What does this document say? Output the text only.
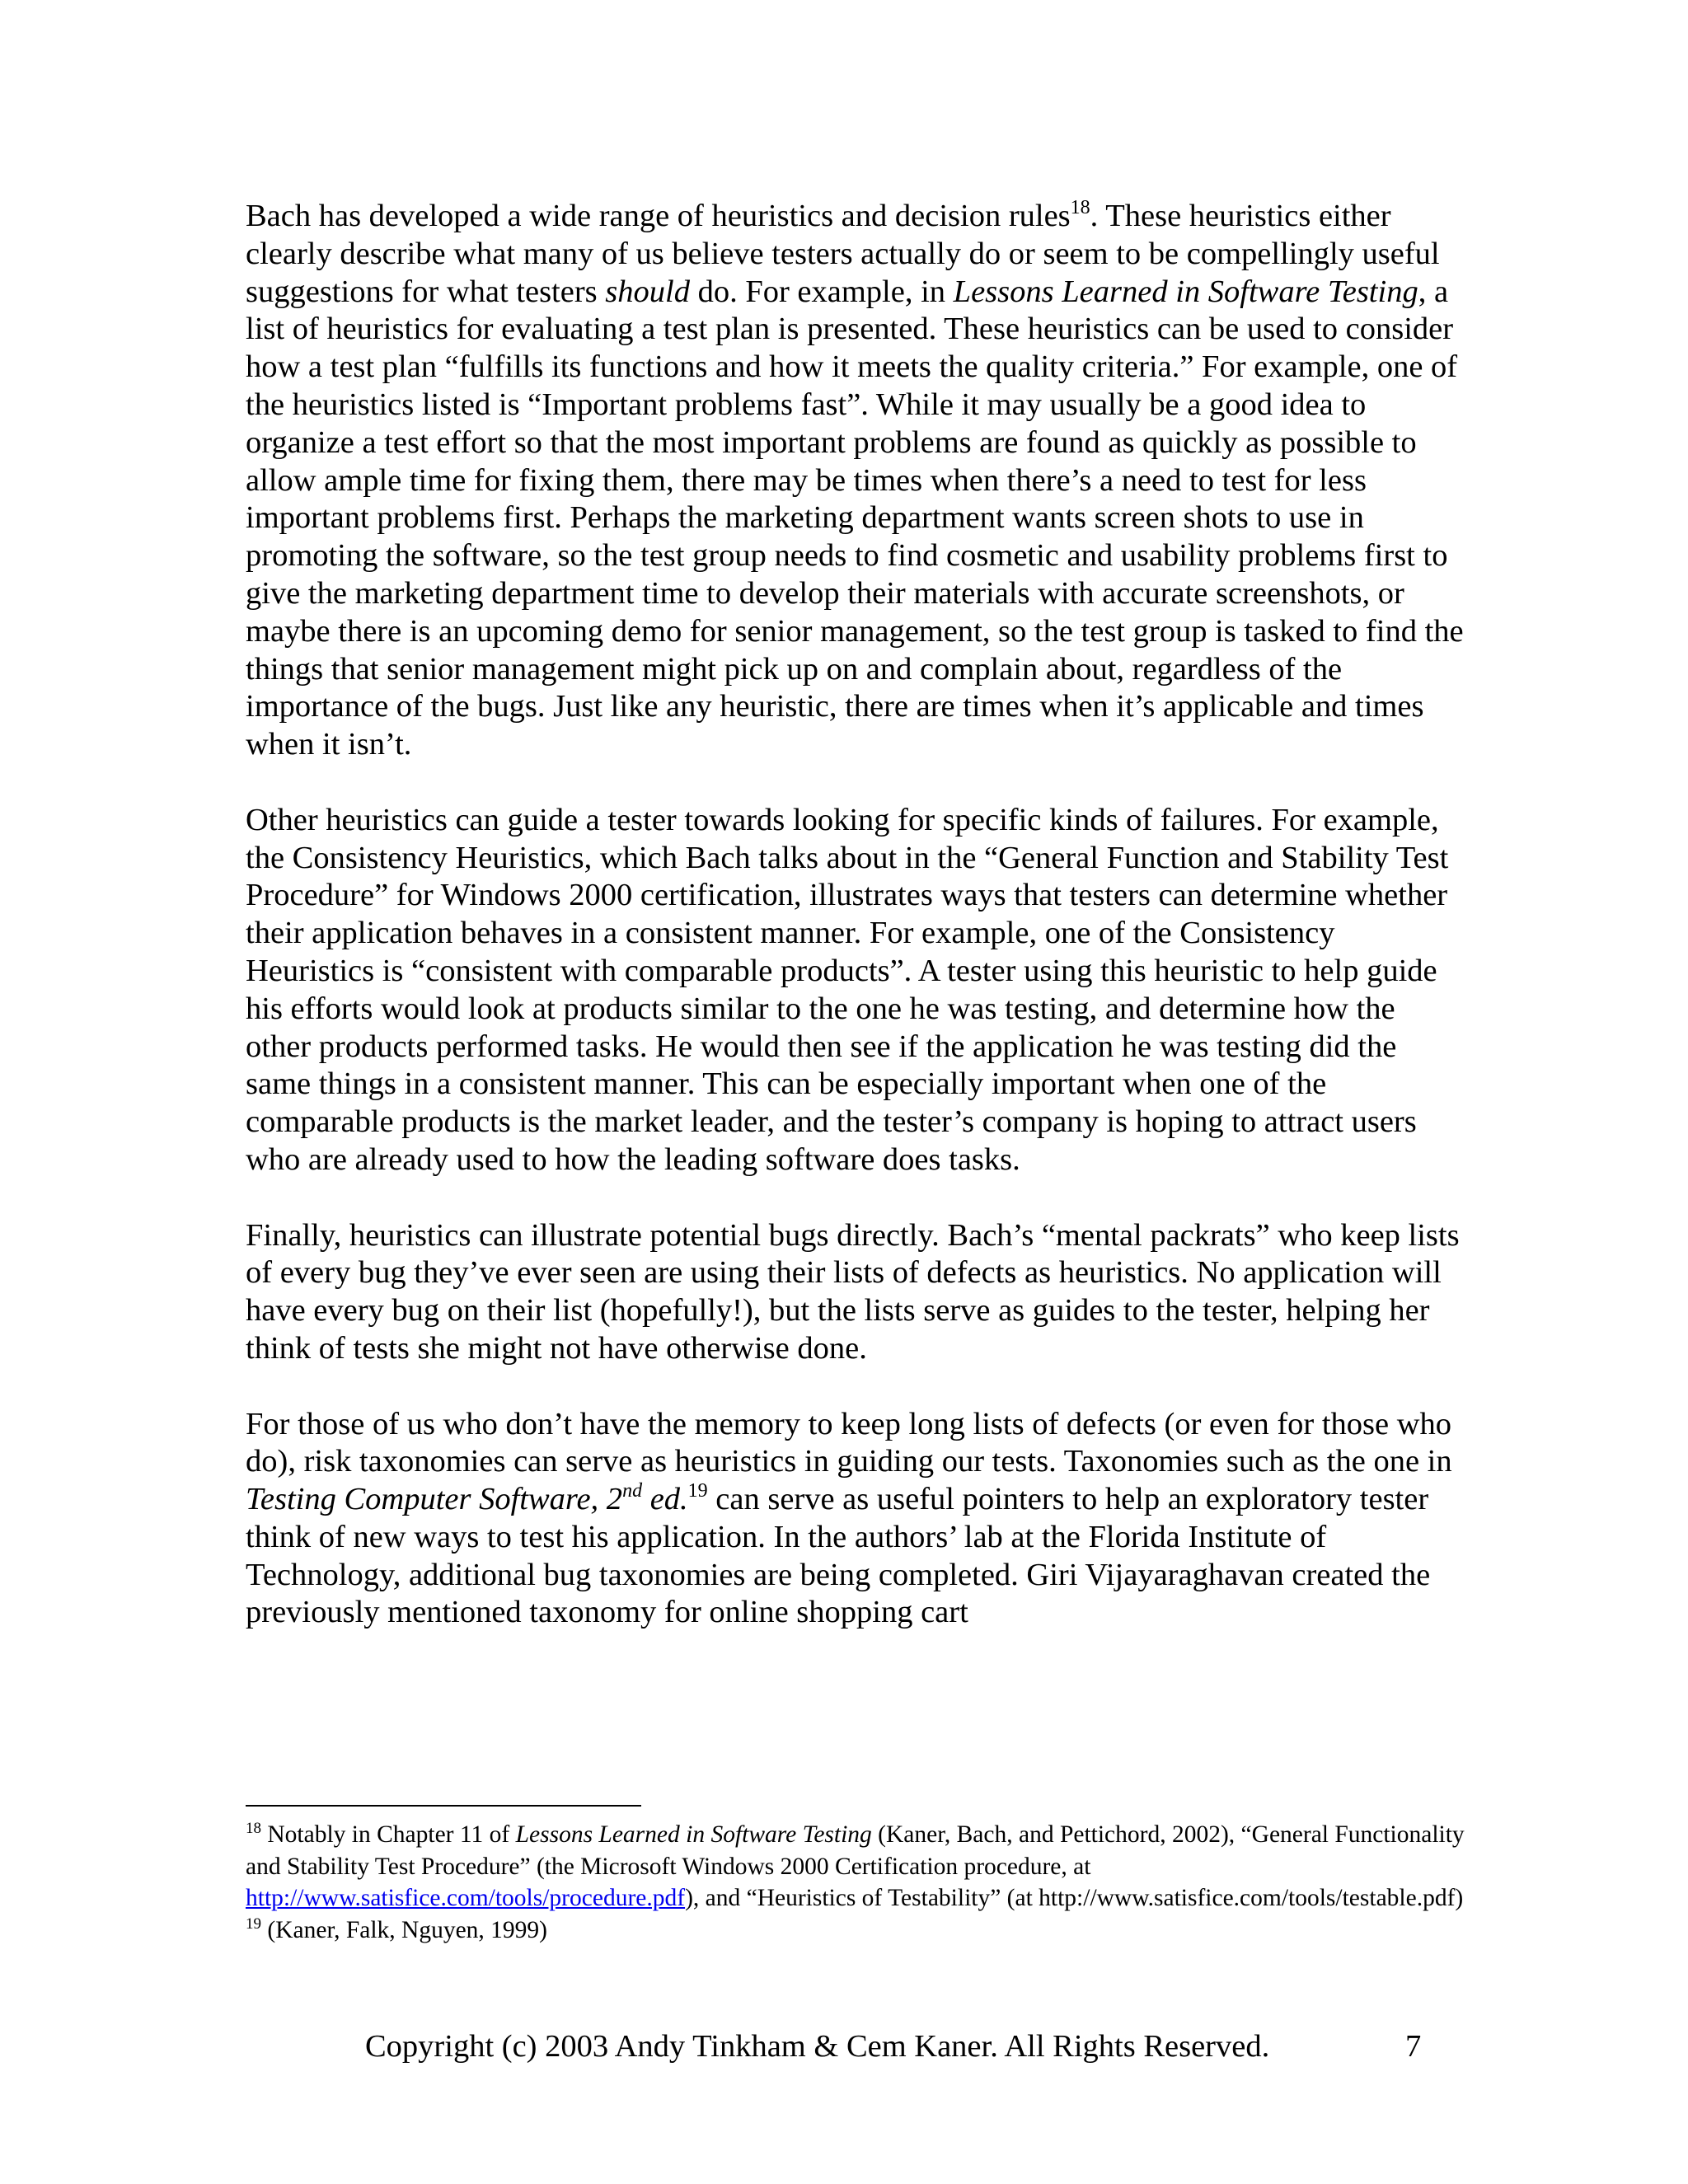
Bach has developed a wide range of heuristics and decision rules$^{18}$. These heuristics either clearly describe what many of us believe testers actually do or seem to be compellingly useful suggestions for what testers should do. For example, in Lessons Learned in Software Testing, a list of heuristics for evaluating a test plan is presented. These heuristics can be used to consider how a test plan “fulfills its functions and how it meets the quality criteria.” For example, one of the heuristics listed is “Important problems fast”. While it may usually be a good idea to organize a test effort so that the most important problems are found as quickly as possible to allow ample time for fixing them, there may be times when there’s a need to test for less important problems first. Perhaps the marketing department wants screen shots to use in promoting the software, so the test group needs to find cosmetic and usability problems first to give the marketing department time to develop their materials with accurate screenshots, or maybe there is an upcoming demo for senior management, so the test group is tasked to find the things that senior management might pick up on and complain about, regardless of the importance of the bugs. Just like any heuristic, there are times when it’s applicable and times when it isn’t.

Other heuristics can guide a tester towards looking for specific kinds of failures. For example, the Consistency Heuristics, which Bach talks about in the “General Function and Stability Test Procedure” for Windows 2000 certification, illustrates ways that testers can determine whether their application behaves in a consistent manner. For example, one of the Consistency Heuristics is “consistent with comparable products”. A tester using this heuristic to help guide his efforts would look at products similar to the one he was testing, and determine how the other products performed tasks. He would then see if the application he was testing did the same things in a consistent manner. This can be especially important when one of the comparable products is the market leader, and the tester’s company is hoping to attract users who are already used to how the leading software does tasks.

Finally, heuristics can illustrate potential bugs directly. Bach’s “mental packrats” who keep lists of every bug they’ve ever seen are using their lists of defects as heuristics. No application will have every bug on their list (hopefully!), but the lists serve as guides to the tester, helping her think of tests she might not have otherwise done.

For those of us who don’t have the memory to keep long lists of defects (or even for those who do), risk taxonomies can serve as heuristics in guiding our tests. Taxonomies such as the one in Testing Computer Software, 2nd ed.$^{19}$ can serve as useful pointers to help an exploratory tester think of new ways to test his application. In the authors’ lab at the Florida Institute of Technology, additional bug taxonomies are being completed. Giri Vijayaraghavan created the previously mentioned taxonomy for online shopping cart

$^{18}$ Notably in Chapter 11 of Lessons Learned in Software Testing (Kaner, Bach, and Pettichord, 2002), “General Functionality and Stability Test Procedure” (the Microsoft Windows 2000 Certification procedure, at http://www.satisfice.com/tools/procedure.pdf), and “Heuristics of Testability” (at http://www.satisfice.com/tools/testable.pdf)

$^{19}$ (Kaner, Falk, Nguyen, 1999)

Copyright (c) 2003 Andy Tinkham & Cem Kaner. All Rights Reserved.	7
